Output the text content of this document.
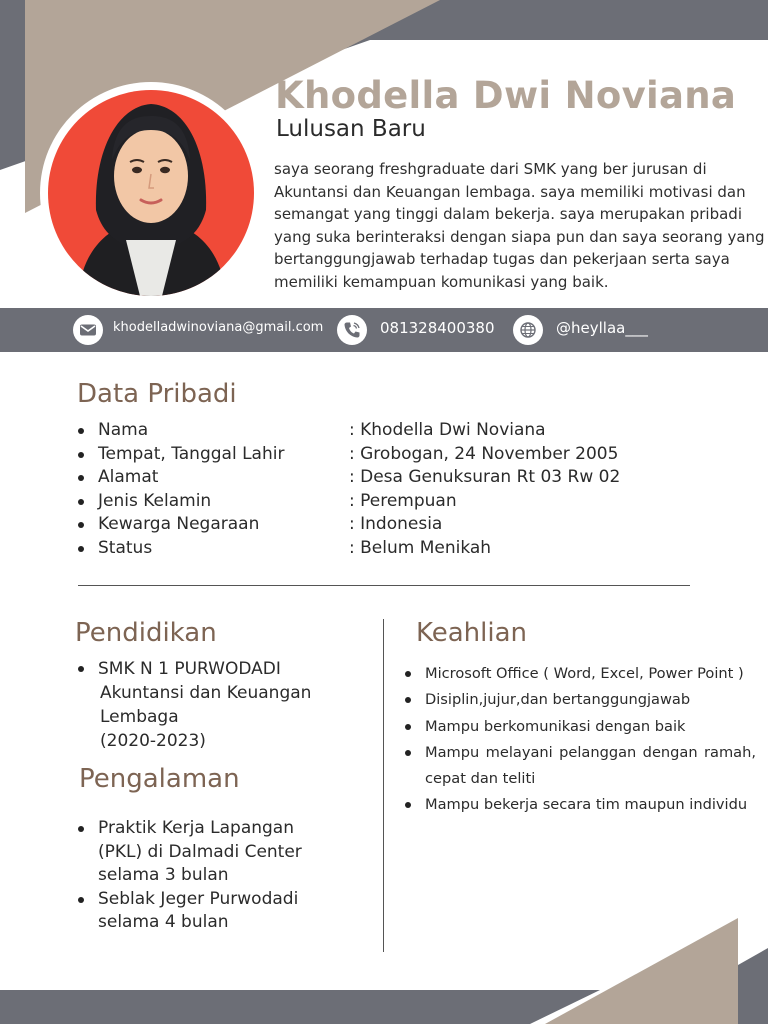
Khodella Dwi Noviana
Lulusan Baru

saya seorang freshgraduate dari SMK yang ber jurusan di Akuntansi dan Keuangan lembaga. saya memiliki motivasi dan semangat yang tinggi dalam bekerja. saya merupakan pribadi yang suka berinteraksi dengan siapa pun dan saya seorang yang bertanggungjawab terhadap tugas dan pekerjaan serta saya memiliki kemampuan komunikasi yang baik.

khodelladwinoviana@gmail.com	081328400380	@heyllaa___
Data Pribadi
Nama	: Khodella Dwi Noviana
Tempat, Tanggal Lahir	: Grobogan, 24 November 2005
Alamat	: Desa Genuksuran Rt 03 Rw 02
Jenis Kelamin	: Perempuan
Kewarga Negaraan	: Indonesia
Status	: Belum Menikah
Pendidikan
SMK N 1 PURWODADI
Akuntansi dan Keuangan Lembaga
(2020-2023)
Pengalaman
Praktik Kerja Lapangan (PKL) di Dalmadi Center selama 3 bulan
Seblak Jeger Purwodadi selama 4 bulan
Keahlian
Microsoft Office ( Word, Excel, Power Point )
Disiplin,jujur,dan bertanggungjawab
Mampu berkomunikasi dengan baik
Mampu melayani pelanggan dengan ramah, cepat dan teliti
Mampu bekerja secara tim maupun individu
